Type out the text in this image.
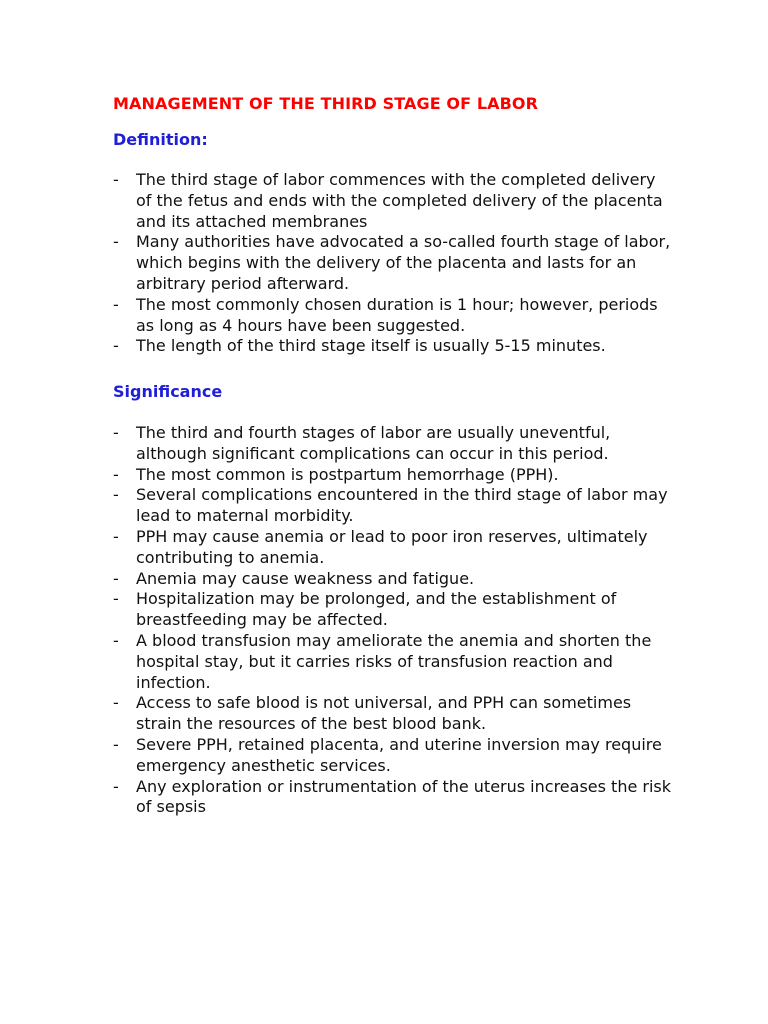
MANAGEMENT OF THE THIRD STAGE OF LABOR
Definition:
- The third stage of labor commences with the completed delivery of the fetus and ends with the completed delivery of the placenta and its attached membranes
- Many authorities have advocated a so-called fourth stage of labor, which begins with the delivery of the placenta and lasts for an arbitrary period afterward.
- The most commonly chosen duration is 1 hour; however, periods as long as 4 hours have been suggested.
- The length of the third stage itself is usually 5-15 minutes.
Significance
- The third and fourth stages of labor are usually uneventful, although significant complications can occur in this period.
- The most common is postpartum hemorrhage (PPH).
- Several complications encountered in the third stage of labor may lead to maternal morbidity.
- PPH may cause anemia or lead to poor iron reserves, ultimately contributing to anemia.
- Anemia may cause weakness and fatigue.
- Hospitalization may be prolonged, and the establishment of breastfeeding may be affected.
- A blood transfusion may ameliorate the anemia and shorten the hospital stay, but it carries risks of transfusion reaction and infection.
- Access to safe blood is not universal, and PPH can sometimes strain the resources of the best blood bank.
- Severe PPH, retained placenta, and uterine inversion may require emergency anesthetic services.
- Any exploration or instrumentation of the uterus increases the risk of sepsis
